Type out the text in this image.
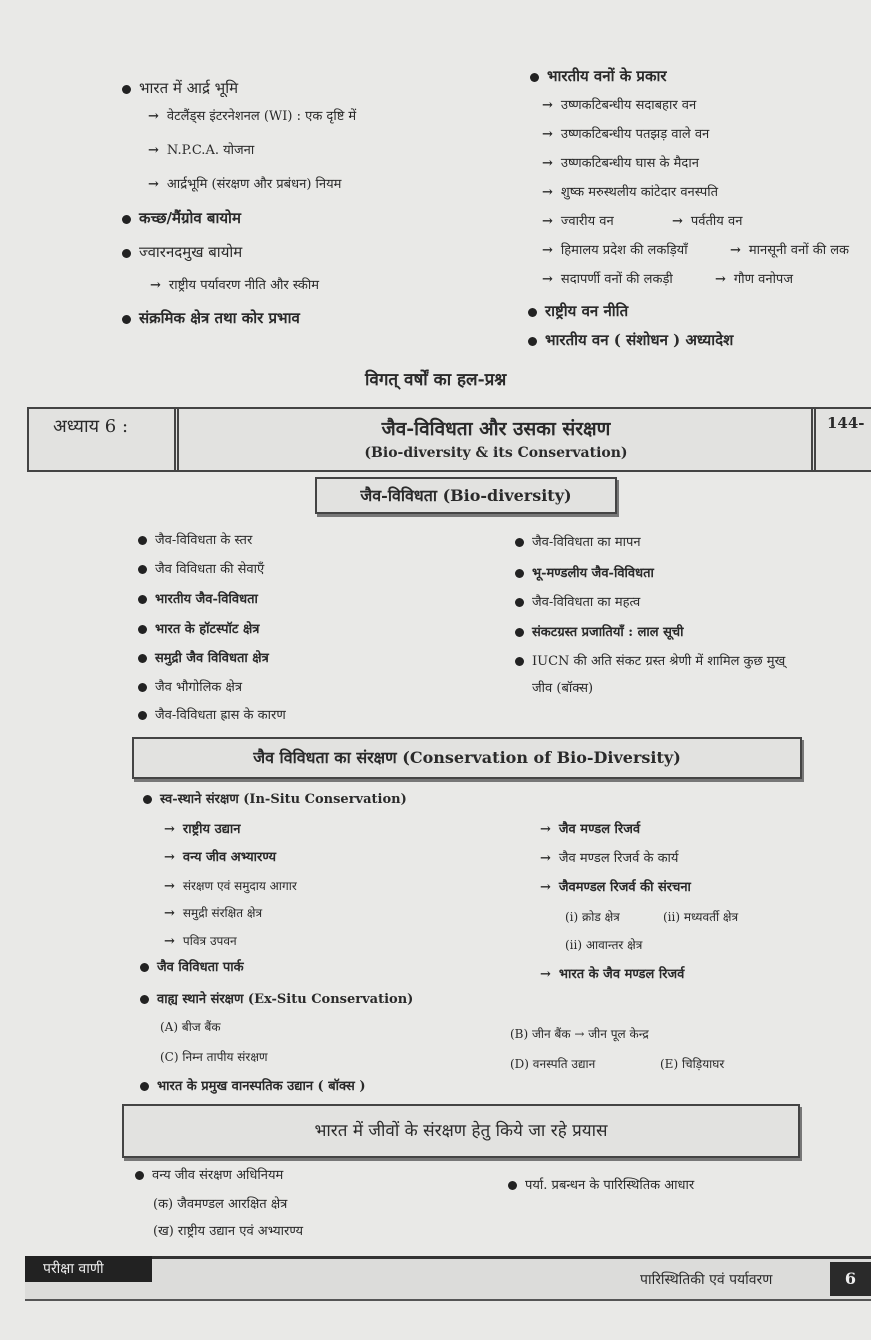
भारत में आर्द्र भूमि
→ वेटलैंड्स इंटरनेशनल (WI) : एक दृष्टि में
→ N.P.C.A. योजना
→ आर्द्रभूमि (संरक्षण और प्रबंधन) नियम
कच्छ/मैंग्रोव बायोम
ज्वारनदमुख बायोम
→ राष्ट्रीय पर्यावरण नीति और स्कीम
संक्रमिक क्षेत्र तथा कोर प्रभाव
भारतीय वनों के प्रकार
→ उष्णकटिबन्धीय सदाबहार वन
→ उष्णकटिबन्धीय पतझड़ वाले वन
→ उष्णकटिबन्धीय घास के मैदान
→ शुष्क मरुस्थलीय कांटेदार वनस्पति
→ ज्वारीय वन	→ पर्वतीय वन
→ हिमालय प्रदेश की लकड़ियाँ	→ मानसूनी वनों की लक
→ सदापर्णी वनों की लकड़ी	→ गौण वनोपज
राष्ट्रीय वन नीति
भारतीय वन ( संशोधन ) अध्यादेश
विगत् वर्षों का हल-प्रश्न
अध्याय 6 :	जैव-विविधता और उसका संरक्षण
(Bio-diversity & its Conservation)
144-
जैव-विविधता (Bio-diversity)
जैव-विविधता के स्तर
जैव विविधता की सेवाएँ
भारतीय जैव-विविधता
भारत के हॉटस्पॉट क्षेत्र
समुद्री जैव विविधता क्षेत्र
जैव भौगोलिक क्षेत्र
जैव-विविधता ह्रास के कारण
जैव-विविधता का मापन
भू-मण्डलीय जैव-विविधता
जैव-विविधता का महत्व
संकटग्रस्त प्रजातियाँ : लाल सूची
IUCN की अति संकट ग्रस्त श्रेणी में शामिल कुछ मुख्
जीव (बॉक्स)
जैव विविधता का संरक्षण (Conservation of Bio-Diversity)
स्व-स्थाने संरक्षण (In-Situ Conservation)
→ राष्ट्रीय उद्यान
→ वन्य जीव अभ्यारण्य
→ संरक्षण एवं समुदाय आगार
→ समुद्री संरक्षित क्षेत्र
→ पवित्र उपवन
→ जैव मण्डल रिजर्व
→ जैव मण्डल रिजर्व के कार्य
→ जैवमण्डल रिजर्व की संरचना
(i) क्रोड क्षेत्र	(ii) मध्यवर्ती क्षेत्र
(ii) आवान्तर क्षेत्र
→ भारत के जैव मण्डल रिजर्व
जैव विविधता पार्क
वाह्य स्थाने संरक्षण (Ex-Situ Conservation)
(A) बीज बैंक	(B) जीन बैंक → जीन पूल केन्द्र
(C) निम्न तापीय संरक्षण	(D) वनस्पति उद्यान	(E) चिड़ियाघर
भारत के प्रमुख वानस्पतिक उद्यान ( बॉक्स )
भारत में जीवों के संरक्षण हेतु किये जा रहे प्रयास
वन्य जीव संरक्षण अधिनियम
(क) जैवमण्डल आरक्षित क्षेत्र
(ख) राष्ट्रीय उद्यान एवं अभ्यारण्य
पर्या. प्रबन्धन के पारिस्थितिक आधार
परीक्षा वाणी
पारिस्थितिकी एवं पर्यावरण	6
